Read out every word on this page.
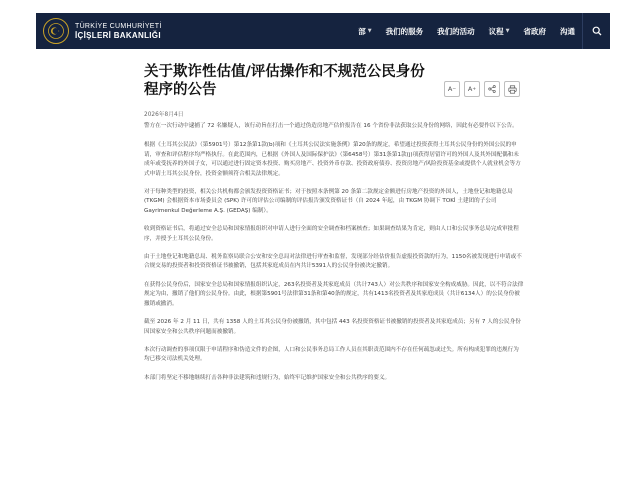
TÜRKİYE CUMHURİYETİ
İÇİŞLERİ BAKANLIĞI	部 ▼ 我们的服务 我们的活动 议程 ▼ 省政府 沟通
关于欺诈性估值/评估操作和不规范公民身份程序的公告	A −	A +
2026年8月4日

警方在一次行动中逮捕了 72 名嫌疑人，该行动旨在打击一个通过伪造房地产估价报告在 16 个省份非法获取公民身份的网络，因此有必要作以下公告。

根据《土耳其公民法》（第5901号）第12条第1款(b)项和《土耳其公民法实施条例》第20条的规定，希望通过投资获得土耳其公民身份的外国公民的申请，审查和评估程序均严格执行。在此范围内，已根据《外国人及国际保护法》（第6458号）第31条第1款(j)项获得居留许可的外国人及其外国配偶和未成年或受抚养的外国子女，可以通过进行固定资本投资、购买房地产、投资外币存款、投资政府债券、投资房地产/风险投资基金或提供个人就业机会等方式申请土耳其公民身份，投资金额须符合相关法律规定。

对于每种类型的投资，相关公共机构都会颁发投资资格证书；对于按照本条例第 20 条第二款规定金额进行房地产投资的外国人，土地登记和地籍总局 (TKGM) 会根据资本市场委员会 (SPK) 许可的评估公司编制的评估报告颁发资格证书（自 2024 年起，由 TKGM 协调下 TOKİ 土建团的子公司 Gayrimenkul Değerleme A.Ş. (GEDAŞ) 编制）。

收到资格证书后，将通过安全总局和国家情报组织对申请人进行全面的安全调查和档案核查；如果调查结果为肯定，则由人口和公民事务总局完成审批程序，并授予土耳其公民身份。

由于土地登记和地籍总局、税务监察局联合公安和安全总局对法律进行审查和监督，发现部分经估价报告虚报投资款的行为，1150名被发现进行申请或不合规交易的投资者和投资资格证书被撤销，包括其家庭成员在内共计5391人的公民身份被决定撤销。

在获得公民身份后，国家安全总局和国家情报组织认定，263名投资者及其家庭成员（共计743人）对公共秩序和国家安全构成威胁。因此，以不符合法律规定为由，撤销了他们的公民身份。由此，根据第5901号法律第31条和第40条的规定，共有1413名投资者及其家庭成员（共计6134人）的公民身份被撤销或撤消。

截至 2026 年 2 月 11 日，共有 1358 人的土耳其公民身份被撤销，其中包括 443 名投资资格证书被撤销的投资者及其家庭成员；另有 7 人的公民身份因国家安全和公共秩序问题而被撤销。

本次行动调查的事项仅限于申请程序和伪造文件的企图，人口和公民事务总局工作人员在其职责范围内不存在任何疏忽或过失。所有构成犯罪的违规行为均已移交司法机关处理。

本部门将坚定不移地继续打击各种非法建筑和违规行为，始终牢记维护国家安全和公共秩序的要义。
